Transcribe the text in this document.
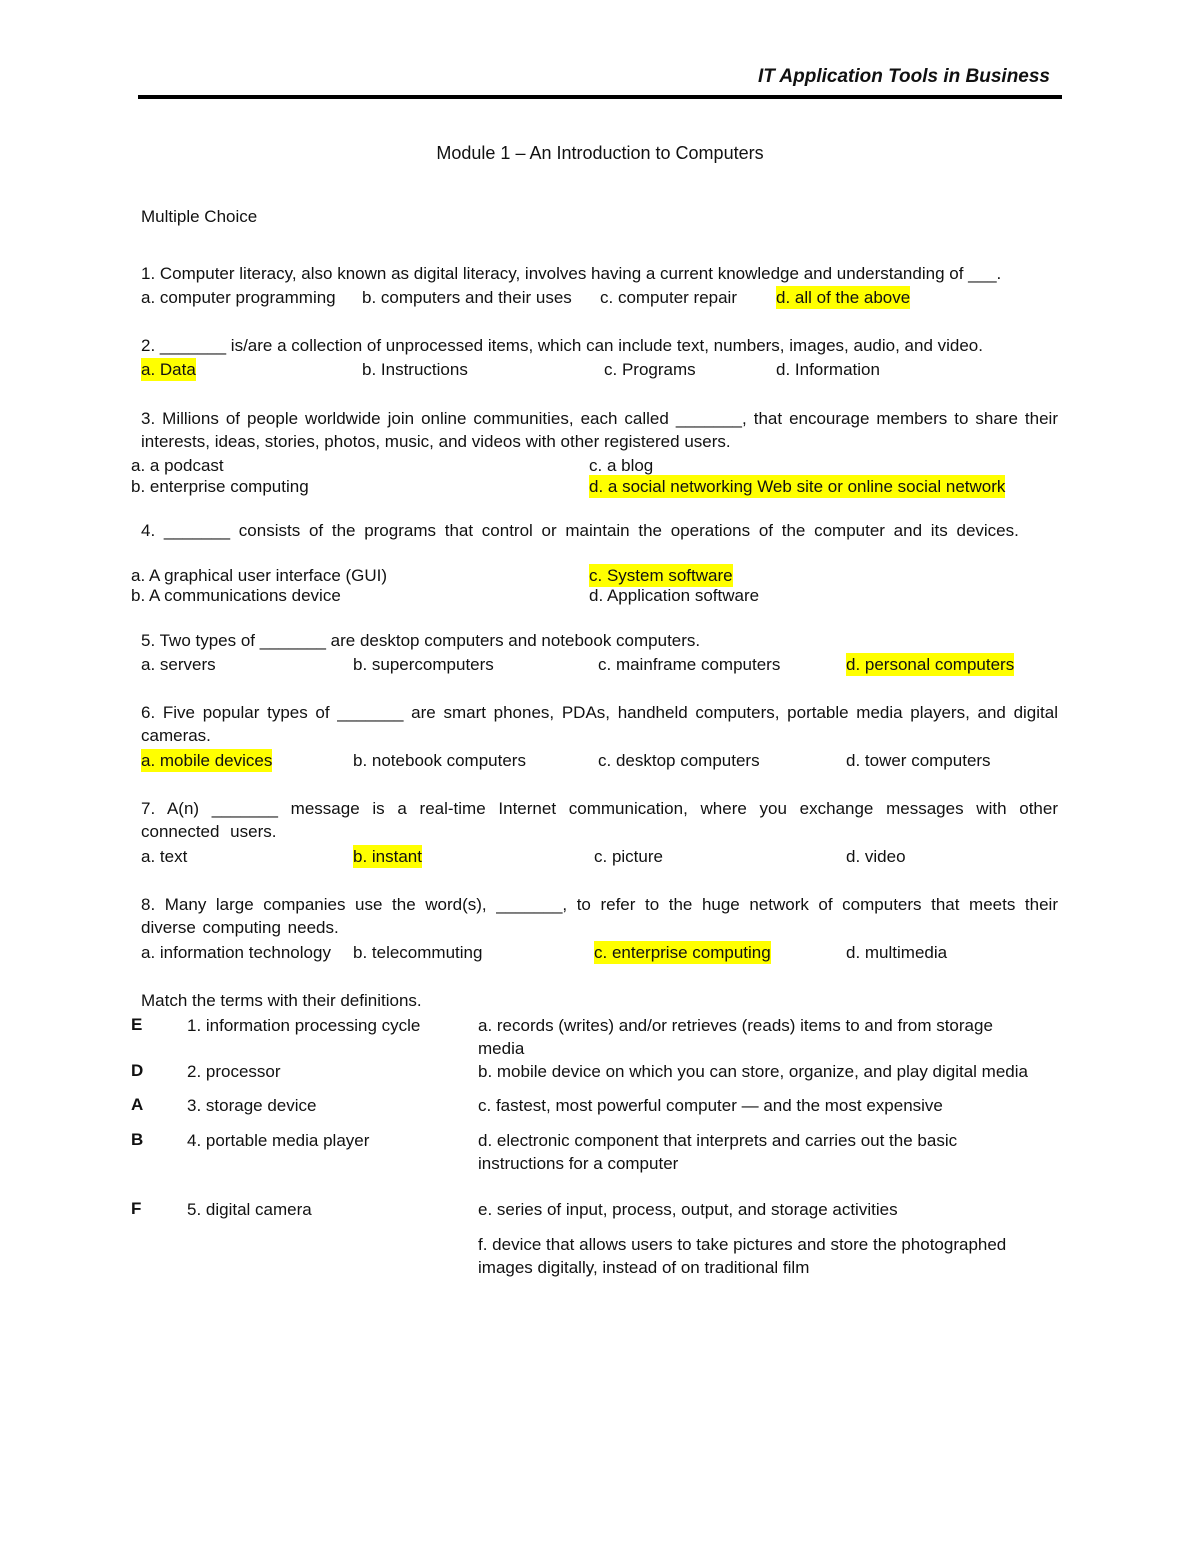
IT Application Tools in Business
Module 1 – An Introduction to Computers
Multiple Choice
1. Computer literacy, also known as digital literacy, involves having a current knowledge and understanding of ___.
a. computer programming b. computers and their uses c. computer repair d. all of the above
2. _______ is/are a collection of unprocessed items, which can include text, numbers, images, audio, and video.
a. Data	b. Instructions	c. Programs	d. Information
3. Millions of people worldwide join online communities, each called _______, that encourage members to share their interests, ideas, stories, photos, music, and videos with other registered users.
a. a podcast
b. enterprise computing
c. a blog
d. a social networking Web site or online social network
4. _______ consists of the programs that control or maintain the operations of the computer and its devices.
a. A graphical user interface (GUI)
b. A communications device
c. System software
d. Application software
5. Two types of _______ are desktop computers and notebook computers.
a. servers	b. supercomputers	c. mainframe computers	d. personal computers
6. Five popular types of _______ are smart phones, PDAs, handheld computers, portable media players, and digital cameras.
a. mobile devices	b. notebook computers	c. desktop computers	d. tower computers
7. A(n) _______ message is a real-time Internet communication, where you exchange messages with other connected users.
a. text	b. instant	c. picture	d. video
8. Many large companies use the word(s), _______, to refer to the huge network of computers that meets their diverse computing needs.
a. information technology b. telecommuting	c. enterprise computing	d. multimedia
Match the terms with their definitions.
E	1. information processing cycle	a. records (writes) and/or retrieves (reads) items to and from storage media
D	2. processor	b. mobile device on which you can store, organize, and play digital media
A	3. storage device	c. fastest, most powerful computer — and the most expensive
B	4. portable media player	d. electronic component that interprets and carries out the basic instructions for a computer
F	5. digital camera	e. series of input, process, output, and storage activities
f. device that allows users to take pictures and store the photographed images digitally, instead of on traditional film
